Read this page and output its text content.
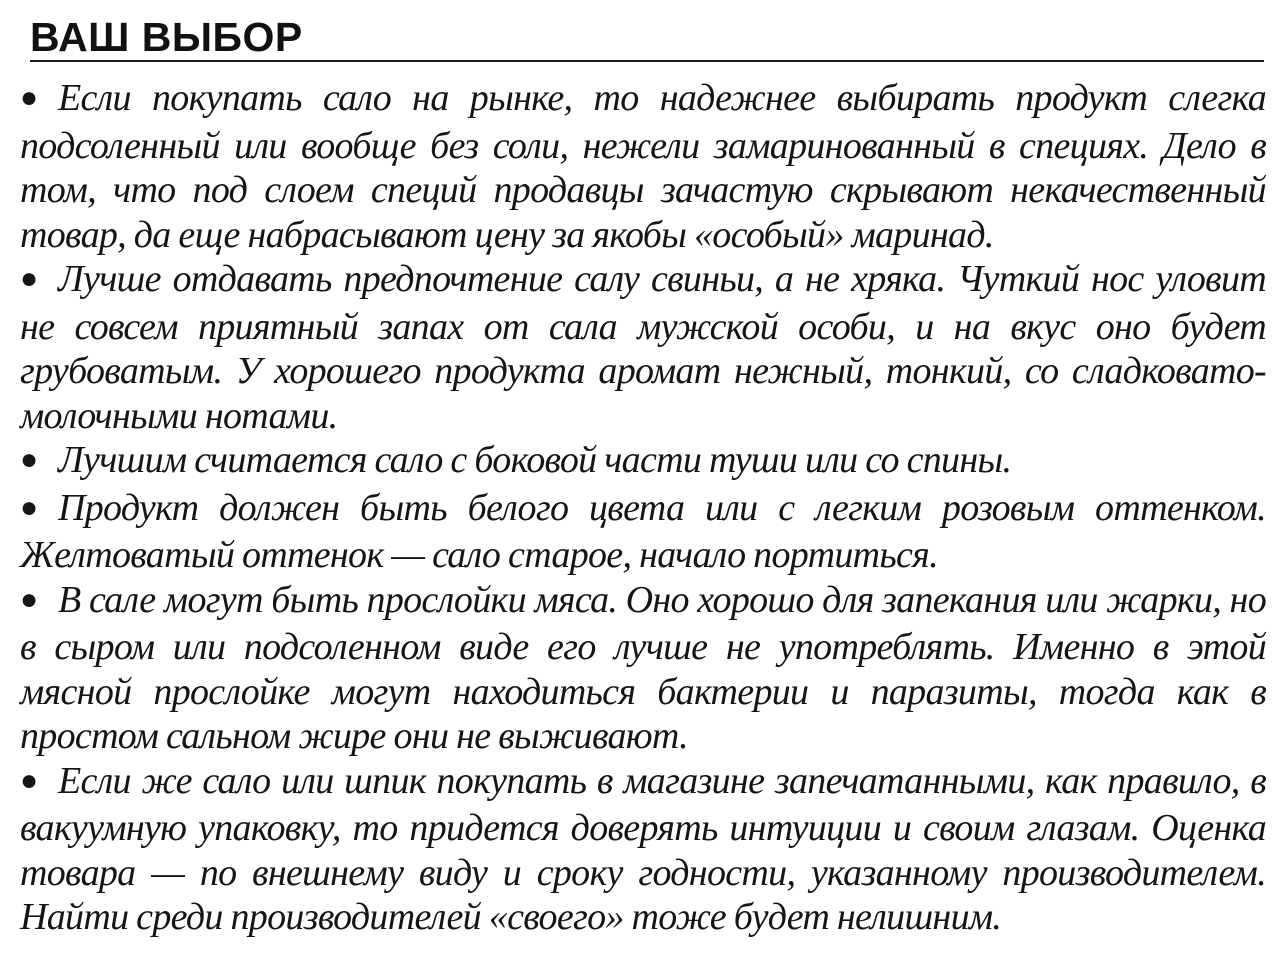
ВАШ ВЫБОР

● Если покупать сало на рынке, то надежнее выбирать продукт слегка подсоленный или вообще без соли, нежели замаринованный в специях. Дело в том, что под слоем специй продавцы зачастую скрывают некачественный товар, да еще набрасывают цену за якобы «особый» маринад.

● Лучше отдавать предпочтение салу свиньи, а не хряка. Чуткий нос уловит не совсем приятный запах от сала мужской особи, и на вкус оно будет грубоватым. У хорошего продукта аромат нежный, тонкий, со сладковато-молочными нотами.

● Лучшим считается сало с боковой части туши или со спины.

● Продукт должен быть белого цвета или с легким розовым оттенком. Желтоватый оттенок — сало старое, начало портиться.

● В сале могут быть прослойки мяса. Оно хорошо для запекания или жарки, но в сыром или подсоленном виде его лучше не употреблять. Именно в этой мясной прослойке могут находиться бактерии и паразиты, тогда как в простом сальном жире они не выживают.

● Если же сало или шпик покупать в магазине запечатанными, как правило, в вакуумную упаковку, то придется доверять интуиции и своим глазам. Оценка товара — по внешнему виду и сроку годности, указанному производителем. Найти среди производителей «своего» тоже будет нелишним.
